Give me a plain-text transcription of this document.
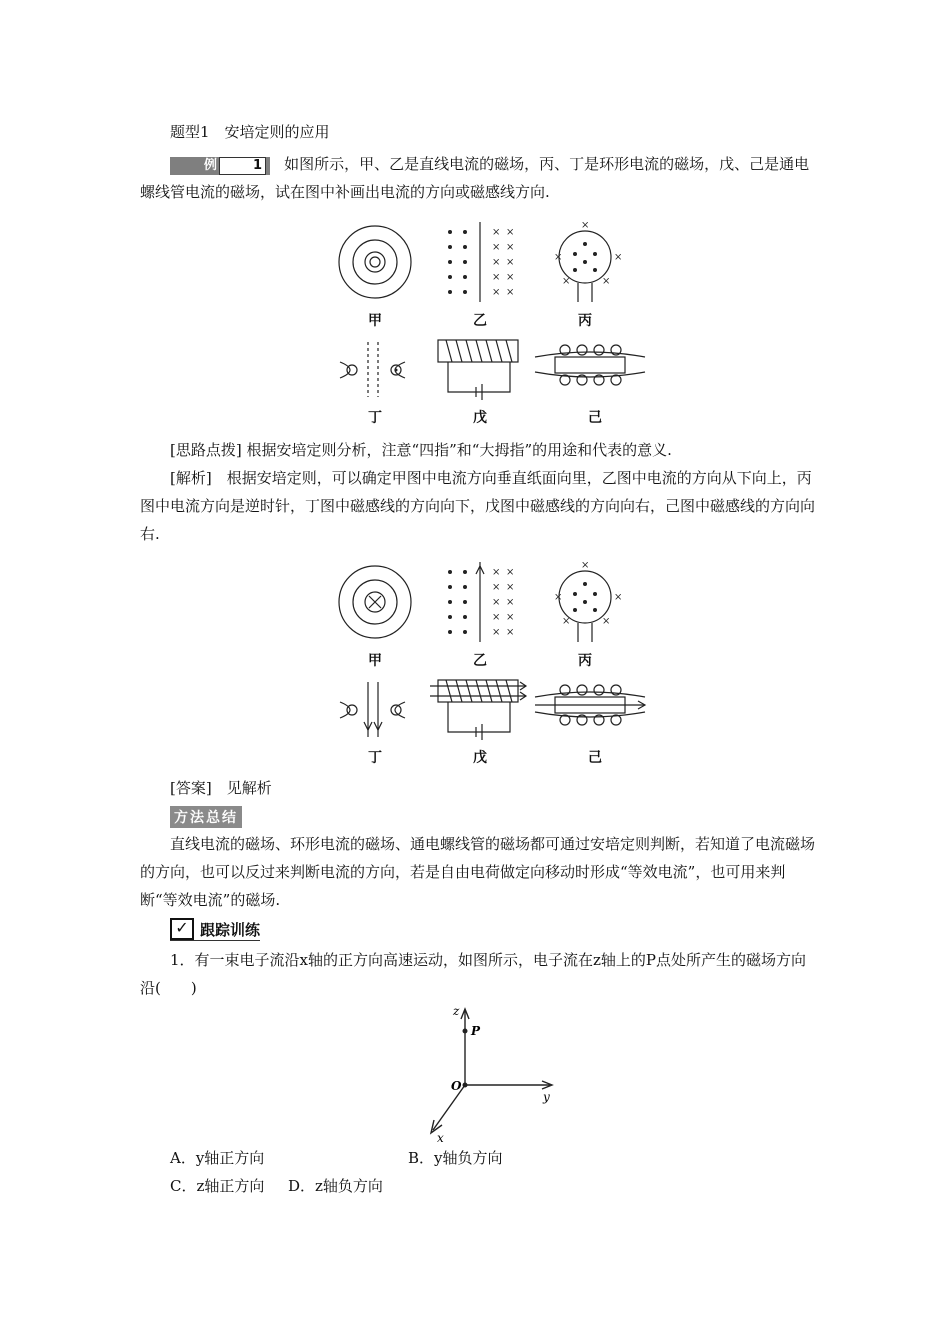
题型1　安培定则的应用
例	1 如图所示，甲、乙是直线电流的磁场，丙、丁是环形电流的磁场，戊、己是通电螺线管电流的磁场，试在图中补画出电流的方向或磁感线方向.
× ×
× ×
× ×
× ×
× ×
×
×	×
×	×
甲	乙	丙
丁	戊	己
[思路点拨] 根据安培定则分析，注意“四指”和“大拇指”的用途和代表的意义.
[解析]　根据安培定则，可以确定甲图中电流方向垂直纸面向里，乙图中电流的方向从下向上，丙图中电流方向是逆时针，丁图中磁感线的方向向下，戊图中磁感线的方向向右，己图中磁感线的方向向右.
× ×
× ×
× ×
× ×
× ×
×
×	×
×	×
甲	乙	丙
丁	戊	己
[答案]　见解析
方法总结
直线电流的磁场、环形电流的磁场、通电螺线管的磁场都可通过安培定则判断，若知道了电流磁场的方向，也可以反过来判断电流的方向，若是自由电荷做定向移动时形成“等效电流”，也可用来判断“等效电流”的磁场.
✓ 跟踪训练
1．有一束电子流沿x轴的正方向高速运动，如图所示，电子流在z轴上的P点处所产生的磁场方向沿(　　)
z
P
O
y
x
A．y轴正方向	B．y轴负方向
C．z轴正方向 D．z轴负方向
